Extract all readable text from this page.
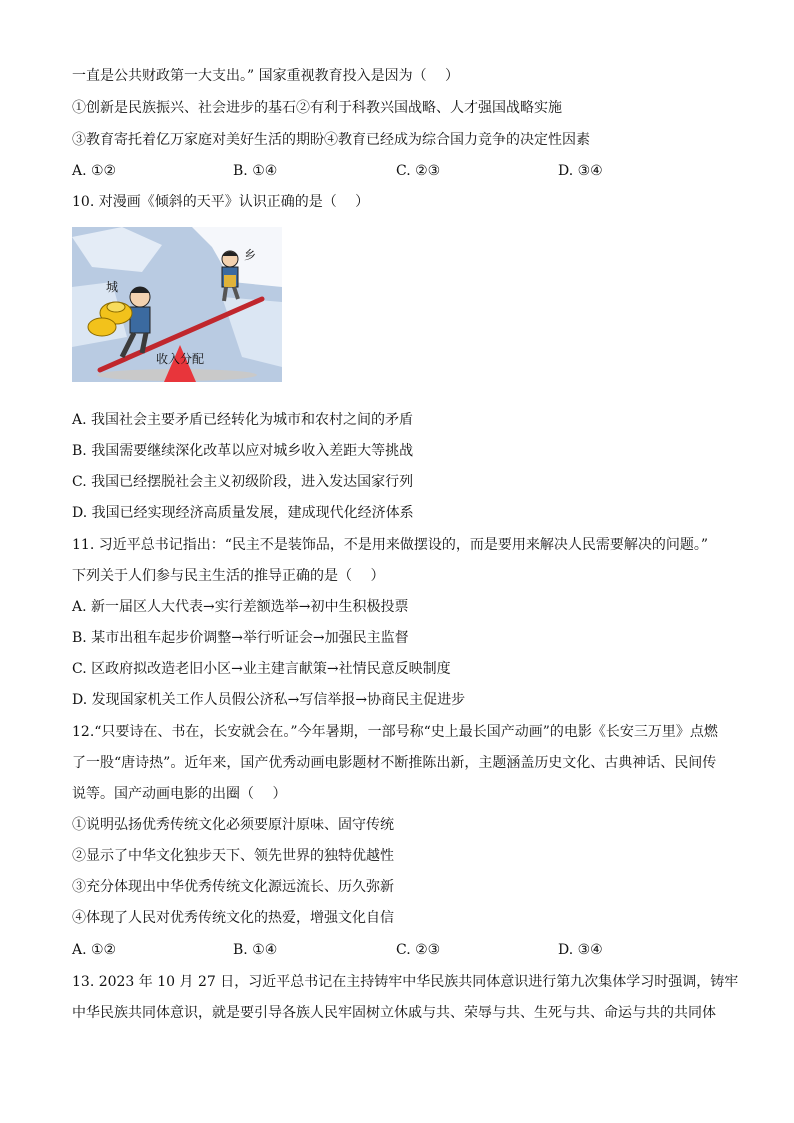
一直是公共财政第一大支出。” 国家重视教育投入是因为（　 ）
①创新是民族振兴、社会进步的基石②有利于科教兴国战略、人才强国战略实施
③教育寄托着亿万家庭对美好生活的期盼④教育已经成为综合国力竞争的决定性因素
A. ①②	B. ①④	C. ②③	D. ③④
10. 对漫画《倾斜的天平》认识正确的是（　 ）
城
乡
收入分配
A. 我国社会主要矛盾已经转化为城市和农村之间的矛盾
B. 我国需要继续深化改革以应对城乡收入差距大等挑战
C. 我国已经摆脱社会主义初级阶段，进入发达国家行列
D. 我国已经实现经济高质量发展，建成现代化经济体系
11. 习近平总书记指出：“民主不是装饰品，不是用来做摆设的，而是要用来解决人民需要解决的问题。”
下列关于人们参与民主生活的推导正确的是（　 ）
A. 新一届区人大代表→实行差额选举→初中生积极投票
B. 某市出租车起步价调整→举行听证会→加强民主监督
C. 区政府拟改造老旧小区→业主建言献策→社情民意反映制度
D. 发现国家机关工作人员假公济私→写信举报→协商民主促进步
12.“只要诗在、书在，长安就会在。”今年暑期，一部号称“史上最长国产动画”的电影《长安三万里》点燃
了一股“唐诗热”。近年来，国产优秀动画电影题材不断推陈出新，主题涵盖历史文化、古典神话、民间传
说等。国产动画电影的出圈（　 ）
①说明弘扬优秀传统文化必须要原汁原味、固守传统
②显示了中华文化独步天下、领先世界的独特优越性
③充分体现出中华优秀传统文化源远流长、历久弥新
④体现了人民对优秀传统文化的热爱，增强文化自信
A. ①②	B. ①④	C. ②③	D. ③④
13. 2023 年 10 月 27 日，习近平总书记在主持铸牢中华民族共同体意识进行第九次集体学习时强调，铸牢
中华民族共同体意识，就是要引导各族人民牢固树立休戚与共、荣辱与共、生死与共、命运与共的共同体
